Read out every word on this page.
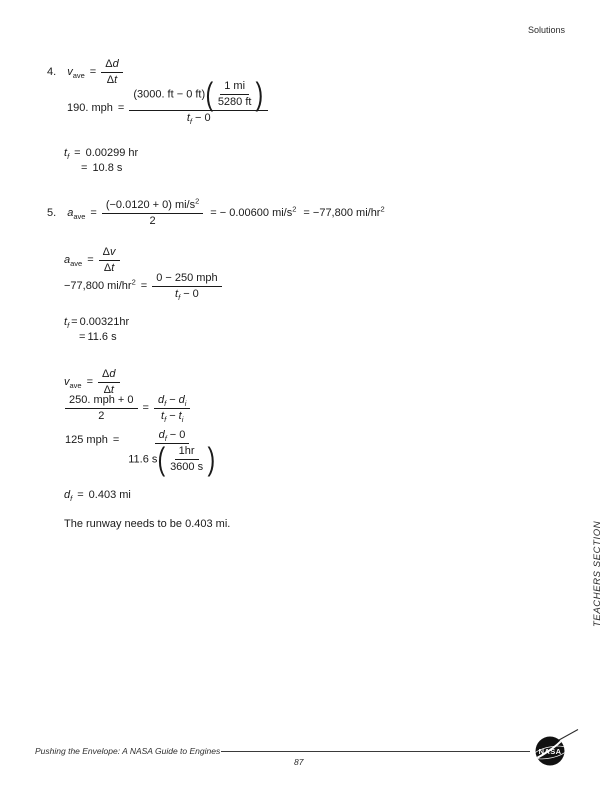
Solutions
4. $v_{ave} = \frac{\Delta d}{\Delta t}$
190. mph = $\frac{(3000. ft - 0 ft)( \frac{1 mi}{5280 ft} )}{t_f - 0}$
$t_f = 0.00299$ hr
= 10.8 s
5. $a_{ave} = \frac{(-0.0120 + 0) mi/s^2}{2}$ = − 0.00600 $mi/s^2 = -77,800$ $mi/hr^2$
$a_{ave} = \frac{\Delta v}{\Delta t}$
−77,800 $mi/hr^2 = \frac{\text{0 − 250 mph}}{t_f - 0}$
$t_f = 0.00321hr$
= 11.6 s
$v_{ave} = \frac{\Delta d}{\Delta t}$
$\frac{\text{250. mph + 0}}{2} = \frac{d_f - d_i}{t_f - t_i}$
125 mph = $\frac{d_f - 0}{11.6 s( \frac{1hr}{3600 s} )}$
$d_f = 0.403$ mi
The runway needs to be 0.403 mi.	TEACHERS SECTION
Pushing the Envelope: A NASA Guide to Engines
87
NASA
